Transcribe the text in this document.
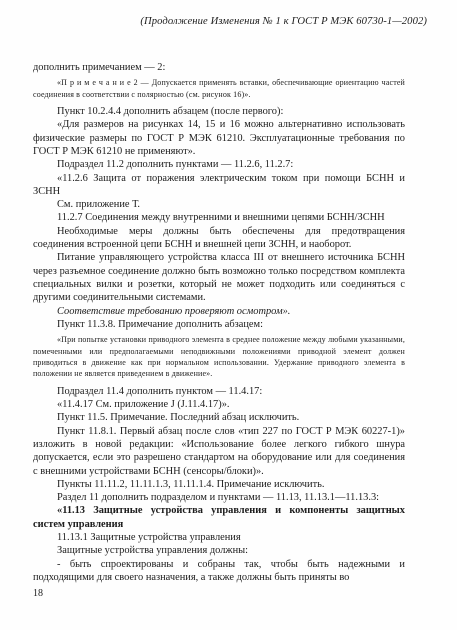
(Продолжение Изменения № 1 к ГОСТ Р МЭК 60730-1—2002)

дополнить примечанием — 2:

«П р и м е ч а н и е 2 — Допускается применять вставки, обеспечивающие ориентацию частей соединения в соответствии с полярностью (см. рисунок 16)».

Пункт 10.2.4.4 дополнить абзацем (после первого):

«Для размеров на рисунках 14, 15 и 16 можно альтернативно использовать физические размеры по ГОСТ Р МЭК 61210. Эксплуатационные требования по ГОСТ Р МЭК 61210 не применяют».

Подраздел 11.2 дополнить пунктами — 11.2.6, 11.2.7:

«11.2.6 Защита от поражения электрическим током при помощи БСНН и ЗСНН

См. приложение Т.

11.2.7 Соединения между внутренними и внешними цепями БСНН/ЗСНН

Необходимые меры должны быть обеспечены для предотвращения соединения встроенной цепи БСНН и внешней цепи ЗСНН, и наоборот.

Питание управляющего устройства класса III от внешнего источника БСНН через разъемное соединение должно быть возможно только посредством комплекта специальных вилки и розетки, который не может подходить или соединяться с другими соединительными системами.

Соответствие требованию проверяют осмотром».

Пункт 11.3.8. Примечание дополнить абзацем:

«При попытке установки приводного элемента в среднее положение между любыми указанными, помеченными или предполагаемыми неподвижными положениями приводной элемент должен приводиться в движение как при нормальном использовании. Удержание приводного элемента в положении не является приведением в движение».

Подраздел 11.4 дополнить пунктом — 11.4.17:

«11.4.17 См. приложение J (J.11.4.17)».

Пункт 11.5. Примечание. Последний абзац исключить.

Пункт 11.8.1. Первый абзац после слов «тип 227 по ГОСТ Р МЭК 60227-1)» изложить в новой редакции: «Использование более легкого гибкого шнура допускается, если это разрешено стандартом на оборудование или для соединения с внешними устройствами БСНН (сенсоры/блоки)».

Пункты 11.11.2, 11.11.1.3, 11.11.1.4. Примечание исключить.

Раздел 11 дополнить подразделом и пунктами — 11.13, 11.13.1—11.13.3:

«11.13 Защитные устройства управления и компоненты защитных систем управления

11.13.1 Защитные устройства управления

Защитные устройства управления должны:

- быть спроектированы и собраны так, чтобы быть надежными и подходящими для своего назначения, а также должны быть приняты во

18
